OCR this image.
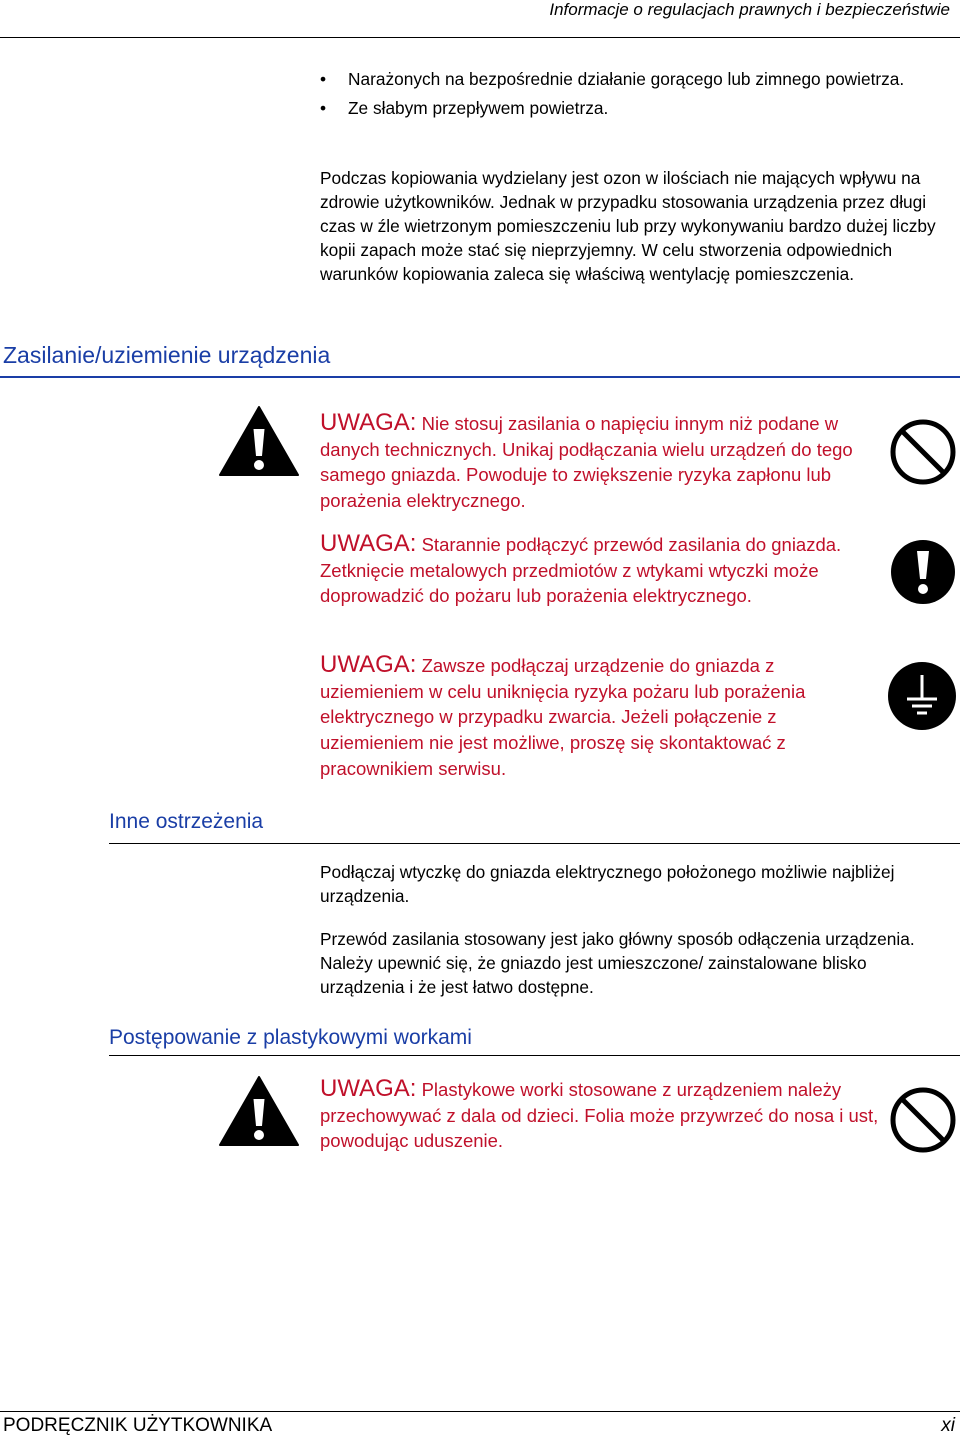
Informacje o regulacjach prawnych i bezpieczeństwie
• Narażonych na bezpośrednie działanie gorącego lub zimnego powietrza.
• Ze słabym przepływem powietrza.
Podczas kopiowania wydzielany jest ozon w ilościach nie mających wpływu na zdrowie użytkowników. Jednak w przypadku stosowania urządzenia przez długi czas w źle wietrzonym pomieszczeniu lub przy wykonywaniu bardzo dużej liczby kopii zapach może stać się nieprzyjemny. W celu stworzenia odpowiednich warunków kopiowania zaleca się właściwą wentylację pomieszczenia.
Zasilanie/uziemienie urządzenia
UWAGA: Nie stosuj zasilania o napięciu innym niż podane w danych technicznych. Unikaj podłączania wielu urządzeń do tego samego gniazda. Powoduje to zwiększenie ryzyka zapłonu lub porażenia elektrycznego.
UWAGA: Starannie podłączyć przewód zasilania do gniazda. Zetknięcie metalowych przedmiotów z wtykami wtyczki może doprowadzić do pożaru lub porażenia elektrycznego.
UWAGA: Zawsze podłączaj urządzenie do gniazda z uziemieniem w celu uniknięcia ryzyka pożaru lub porażenia elektrycznego w przypadku zwarcia. Jeżeli połączenie z uziemieniem nie jest możliwe, proszę się skontaktować z pracownikiem serwisu.
Inne ostrzeżenia
Podłączaj wtyczkę do gniazda elektrycznego położonego możliwie najbliżej urządzenia.
Przewód zasilania stosowany jest jako główny sposób odłączenia urządzenia. Należy upewnić się, że gniazdo jest umieszczone/ zainstalowane blisko urządzenia i że jest łatwo dostępne.
Postępowanie z plastykowymi workami
UWAGA: Plastykowe worki stosowane z urządzeniem należy przechowywać z dala od dzieci. Folia może przywrzeć do nosa i ust, powodując uduszenie.
PODRĘCZNIK UŻYTKOWNIKA	xi
